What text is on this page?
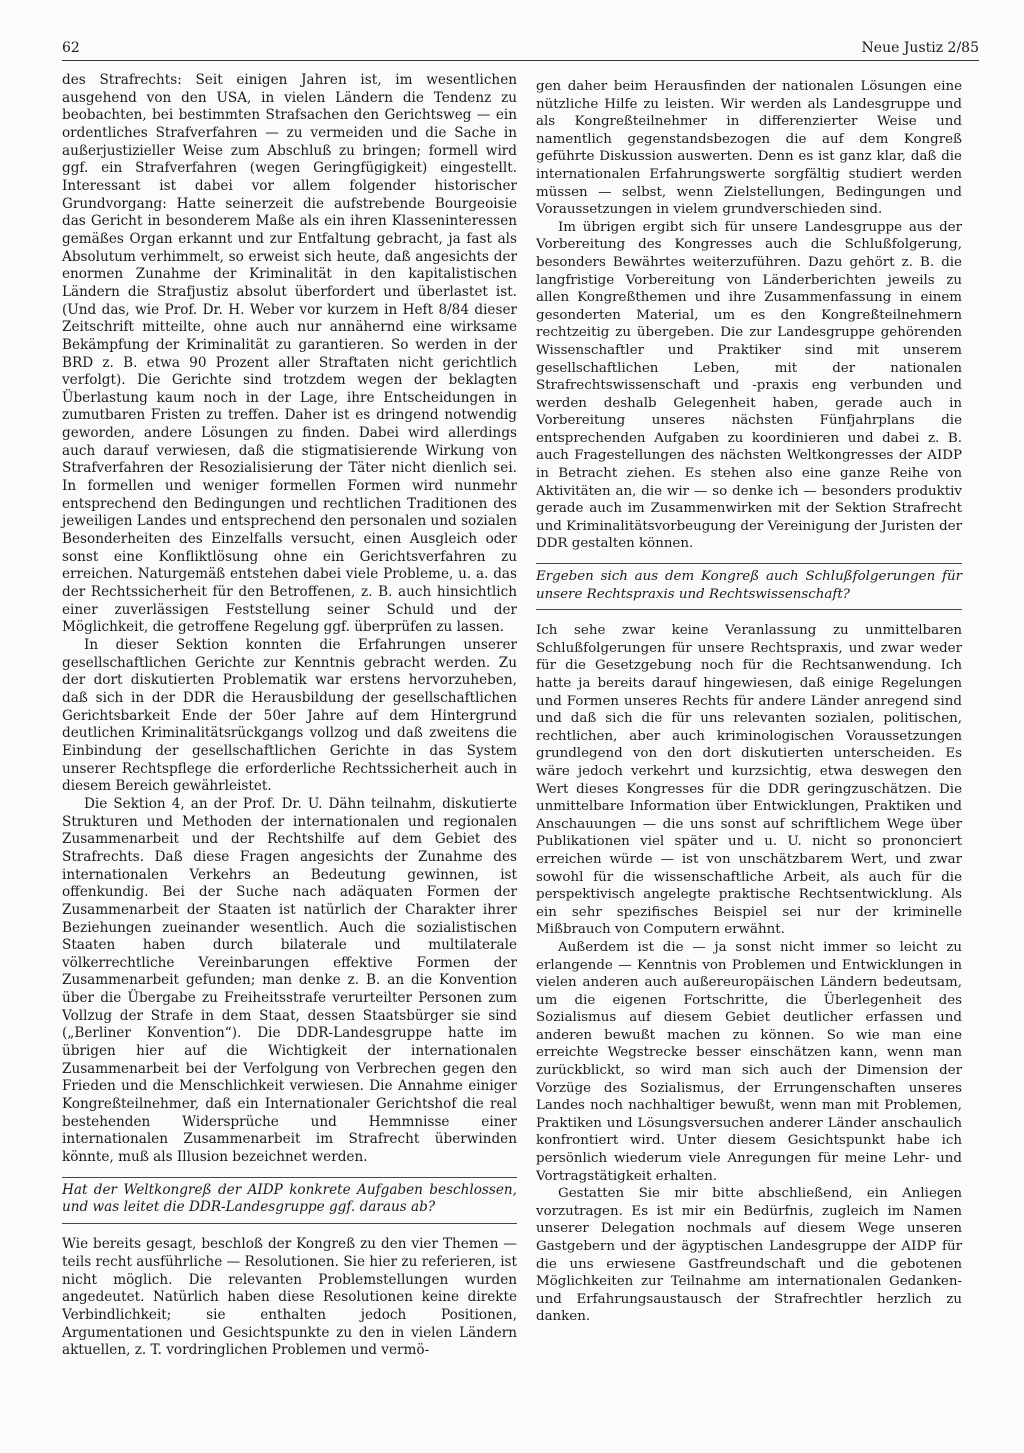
62	Neue Justiz 2/85

des Strafrechts: Seit einigen Jahren ist, im wesentlichen ausgehend von den USA, in vielen Ländern die Tendenz zu beobachten, bei bestimmten Strafsachen den Gerichtsweg — ein ordentliches Strafverfahren — zu vermeiden und die Sache in außerjustizieller Weise zum Abschluß zu bringen; formell wird ggf. ein Strafverfahren (wegen Geringfügigkeit) eingestellt. Interessant ist dabei vor allem folgender historischer Grundvorgang: Hatte seinerzeit die aufstrebende Bourgeoisie das Gericht in besonderem Maße als ein ihren Klasseninteressen gemäßes Organ erkannt und zur Entfaltung gebracht, ja fast als Absolutum verhimmelt, so erweist sich heute, daß angesichts der enormen Zunahme der Kriminalität in den kapitalistischen Ländern die Strafjustiz absolut überfordert und überlastet ist. (Und das, wie Prof. Dr. H. Weber vor kurzem in Heft 8/84 dieser Zeitschrift mitteilte, ohne auch nur annähernd eine wirksame Bekämpfung der Kriminalität zu garantieren. So werden in der BRD z. B. etwa 90 Prozent aller Straftaten nicht gerichtlich verfolgt). Die Gerichte sind trotzdem wegen der beklagten Überlastung kaum noch in der Lage, ihre Entscheidungen in zumutbaren Fristen zu treffen. Daher ist es dringend notwendig geworden, andere Lösungen zu finden. Dabei wird allerdings auch darauf verwiesen, daß die stigmatisierende Wirkung von Strafverfahren der Resozialisierung der Täter nicht dienlich sei. In formellen und weniger formellen Formen wird nunmehr entsprechend den Bedingungen und rechtlichen Traditionen des jeweiligen Landes und entsprechend den personalen und sozialen Besonderheiten des Einzelfalls versucht, einen Ausgleich oder sonst eine Konfliktlösung ohne ein Gerichtsverfahren zu erreichen. Naturgemäß entstehen dabei viele Probleme, u. a. das der Rechtssicherheit für den Betroffenen, z. B. auch hinsichtlich einer zuverlässigen Feststellung seiner Schuld und der Möglichkeit, die getroffene Regelung ggf. überprüfen zu lassen.

In dieser Sektion konnten die Erfahrungen unserer gesellschaftlichen Gerichte zur Kenntnis gebracht werden. Zu der dort diskutierten Problematik war erstens hervorzuheben, daß sich in der DDR die Herausbildung der gesellschaftlichen Gerichtsbarkeit Ende der 50er Jahre auf dem Hintergrund deutlichen Kriminalitätsrückgangs vollzog und daß zweitens die Einbindung der gesellschaftlichen Gerichte in das System unserer Rechtspflege die erforderliche Rechtssicherheit auch in diesem Bereich gewährleistet.

Die Sektion 4, an der Prof. Dr. U. Dähn teilnahm, diskutierte Strukturen und Methoden der internationalen und regionalen Zusammenarbeit und der Rechtshilfe auf dem Gebiet des Strafrechts. Daß diese Fragen angesichts der Zunahme des internationalen Verkehrs an Bedeutung gewinnen, ist offenkundig. Bei der Suche nach adäquaten Formen der Zusammenarbeit der Staaten ist natürlich der Charakter ihrer Beziehungen zueinander wesentlich. Auch die sozialistischen Staaten haben durch bilaterale und multilaterale völkerrechtliche Vereinbarungen effektive Formen der Zusammenarbeit gefunden; man denke z. B. an die Konvention über die Übergabe zu Freiheitsstrafe verurteilter Personen zum Vollzug der Strafe in dem Staat, dessen Staatsbürger sie sind („Berliner Konvention“). Die DDR-Landesgruppe hatte im übrigen hier auf die Wichtigkeit der internationalen Zusammenarbeit bei der Verfolgung von Verbrechen gegen den Frieden und die Menschlichkeit verwiesen. Die Annahme einiger Kongreßteilnehmer, daß ein Internationaler Gerichtshof die real bestehenden Widersprüche und Hemmnisse einer internationalen Zusammenarbeit im Strafrecht überwinden könnte, muß als Illusion bezeichnet werden.

Hat der Weltkongreß der AIDP konkrete Aufgaben beschlossen, und was leitet die DDR-Landesgruppe ggf. daraus ab?

Wie bereits gesagt, beschloß der Kongreß zu den vier Themen — teils recht ausführliche — Resolutionen. Sie hier zu referieren, ist nicht möglich. Die relevanten Problemstellungen wurden angedeutet. Natürlich haben diese Resolutionen keine direkte Verbindlichkeit; sie enthalten jedoch Positionen, Argumentationen und Gesichtspunkte zu den in vielen Ländern aktuellen, z. T. vordringlichen Problemen und vermö-

gen daher beim Herausfinden der nationalen Lösungen eine nützliche Hilfe zu leisten. Wir werden als Landesgruppe und als Kongreßteilnehmer in differenzierter Weise und namentlich gegenstandsbezogen die auf dem Kongreß geführte Diskussion auswerten. Denn es ist ganz klar, daß die internationalen Erfahrungswerte sorgfältig studiert werden müssen — selbst, wenn Zielstellungen, Bedingungen und Voraussetzungen in vielem grundverschieden sind.

Im übrigen ergibt sich für unsere Landesgruppe aus der Vorbereitung des Kongresses auch die Schlußfolgerung, besonders Bewährtes weiterzuführen. Dazu gehört z. B. die langfristige Vorbereitung von Länderberichten jeweils zu allen Kongreßthemen und ihre Zusammenfassung in einem gesonderten Material, um es den Kongreßteilnehmern rechtzeitig zu übergeben. Die zur Landesgruppe gehörenden Wissenschaftler und Praktiker sind mit unserem gesellschaftlichen Leben, mit der nationalen Strafrechtswissenschaft und -praxis eng verbunden und werden deshalb Gelegenheit haben, gerade auch in Vorbereitung unseres nächsten Fünfjahrplans die entsprechenden Aufgaben zu koordinieren und dabei z. B. auch Fragestellungen des nächsten Weltkongresses der AIDP in Betracht ziehen. Es stehen also eine ganze Reihe von Aktivitäten an, die wir — so denke ich — besonders produktiv gerade auch im Zusammenwirken mit der Sektion Strafrecht und Kriminalitätsvorbeugung der Vereinigung der Juristen der DDR gestalten können.

Ergeben sich aus dem Kongreß auch Schlußfolgerungen für unsere Rechtspraxis und Rechtswissenschaft?

Ich sehe zwar keine Veranlassung zu unmittelbaren Schlußfolgerungen für unsere Rechtspraxis, und zwar weder für die Gesetzgebung noch für die Rechtsanwendung. Ich hatte ja bereits darauf hingewiesen, daß einige Regelungen und Formen unseres Rechts für andere Länder anregend sind und daß sich die für uns relevanten sozialen, politischen, rechtlichen, aber auch kriminologischen Voraussetzungen grundlegend von den dort diskutierten unterscheiden. Es wäre jedoch verkehrt und kurzsichtig, etwa deswegen den Wert dieses Kongresses für die DDR geringzuschätzen. Die unmittelbare Information über Entwicklungen, Praktiken und Anschauungen — die uns sonst auf schriftlichem Wege über Publikationen viel später und u. U. nicht so prononciert erreichen würde — ist von unschätzbarem Wert, und zwar sowohl für die wissenschaftliche Arbeit, als auch für die perspektivisch angelegte praktische Rechtsentwicklung. Als ein sehr spezifisches Beispiel sei nur der kriminelle Mißbrauch von Computern erwähnt.

Außerdem ist die — ja sonst nicht immer so leicht zu erlangende — Kenntnis von Problemen und Entwicklungen in vielen anderen auch außereuropäischen Ländern bedeutsam, um die eigenen Fortschritte, die Überlegenheit des Sozialismus auf diesem Gebiet deutlicher erfassen und anderen bewußt machen zu können. So wie man eine erreichte Wegstrecke besser einschätzen kann, wenn man zurückblickt, so wird man sich auch der Dimension der Vorzüge des Sozialismus, der Errungenschaften unseres Landes noch nachhaltiger bewußt, wenn man mit Problemen, Praktiken und Lösungsversuchen anderer Länder anschaulich konfrontiert wird. Unter diesem Gesichtspunkt habe ich persönlich wiederum viele Anregungen für meine Lehr- und Vortragstätigkeit erhalten.

Gestatten Sie mir bitte abschließend, ein Anliegen vorzutragen. Es ist mir ein Bedürfnis, zugleich im Namen unserer Delegation nochmals auf diesem Wege unseren Gastgebern und der ägyptischen Landesgruppe der AIDP für die uns erwiesene Gastfreundschaft und die gebotenen Möglichkeiten zur Teilnahme am internationalen Gedanken- und Erfahrungsaustausch der Strafrechtler herzlich zu danken.
